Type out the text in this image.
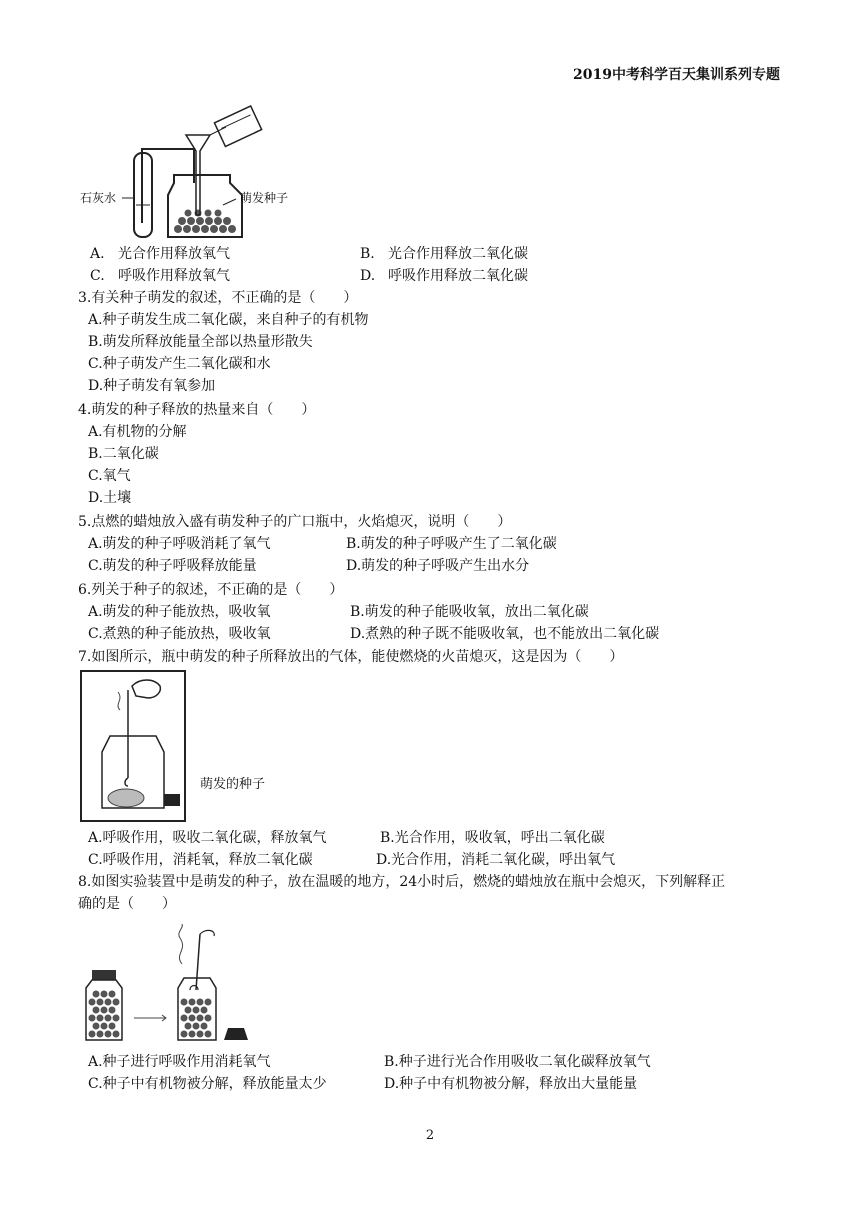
2019中考科学百天集训系列专题
石灰水	萌发种子
A. 光合作用释放氧气	B. 光合作用释放二氧化碳
C. 呼吸作用释放氧气	D. 呼吸作用释放二氧化碳
3.有关种子萌发的叙述，不正确的是（　　）
A.种子萌发生成二氧化碳，来自种子的有机物
B.萌发所释放能量全部以热量形散失
C.种子萌发产生二氧化碳和水
D.种子萌发有氧参加
4.萌发的种子释放的热量来自（　　）
A.有机物的分解
B.二氧化碳
C.氧气
D.土壤
5.点燃的蜡烛放入盛有萌发种子的广口瓶中，火焰熄灭，说明（　　）
A.萌发的种子呼吸消耗了氧气	B.萌发的种子呼吸产生了二氧化碳
C.萌发的种子呼吸释放能量	D.萌发的种子呼吸产生出水分
6.列关于种子的叙述，不正确的是（　　）
A.萌发的种子能放热，吸收氧	B.萌发的种子能吸收氧，放出二氧化碳
C.煮熟的种子能放热，吸收氧	D.煮熟的种子既不能吸收氧，也不能放出二氧化碳
7.如图所示，瓶中萌发的种子所释放出的气体，能使燃烧的火苗熄灭，这是因为（　　）
萌发的种子
A.呼吸作用，吸收二氧化碳，释放氧气	B.光合作用，吸收氧，呼出二氧化碳
C.呼吸作用，消耗氧，释放二氧化碳	D.光合作用，消耗二氧化碳，呼出氧气
8.如图实验装置中是萌发的种子，放在温暖的地方，24小时后，燃烧的蜡烛放在瓶中会熄灭，下列解释正
确的是（　　）
A.种子进行呼吸作用消耗氧气	B.种子进行光合作用吸收二氧化碳释放氧气
C.种子中有机物被分解，释放能量太少	D.种子中有机物被分解，释放出大量能量
2
